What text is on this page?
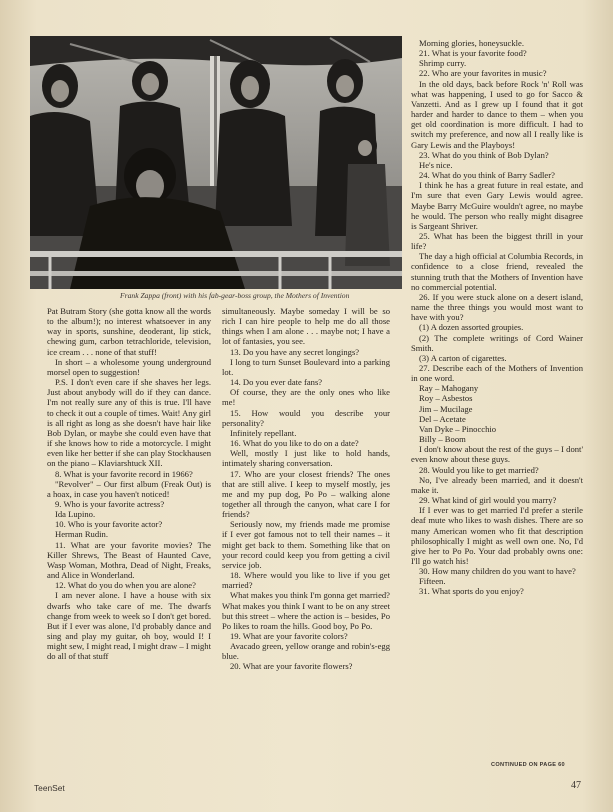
Frank Zappa (front) with his fab-gear-boss group, the Mothers of Invention

Pat Butram Story (she gotta know all the words to the album!); no interest whatsoever in any way in sports, sunshine, deoderant, lip stick, chewing gum, carbon tetrachloride, television, ice cream . . . none of that stuff!

In short – a wholesome young underground morsel open to suggestion!

P.S. I don't even care if she shaves her legs. Just about anybody will do if they can dance. I'm not really sure any of this is true. I'll have to check it out a couple of times. Wait! Any girl is all right as long as she doesn't have hair like Bob Dylan, or maybe she could even have that if she knows how to ride a motorcycle. I might even like her better if she can play Stockhausen on the piano – Klaviarshtuck XII.

8. What is your favorite record in 1966?

"Revolver" – Our first album (Freak Out) is a hoax, in case you haven't noticed!

9. Who is your favorite actress?

Ida Lupino.

10. Who is your favorite actor?

Herman Rudin.

11. What are your favorite movies? The Killer Shrews, The Beast of Haunted Cave, Wasp Woman, Mothra, Dead of Night, Freaks, and Alice in Wonderland.

12. What do you do when you are alone?

I am never alone. I have a house with six dwarfs who take care of me. The dwarfs change from week to week so I don't get bored. But if I ever was alone, I'd probably dance and sing and play my guitar, oh boy, would I! I might sew, I might read, I might draw – I might do all of that stuff

simultaneously. Maybe someday I will be so rich I can hire people to help me do all those things when I am alone . . . maybe not; I have a lot of fantasies, you see.

13. Do you have any secret longings?

I long to turn Sunset Boulevard into a parking lot.

14. Do you ever date fans?

Of course, they are the only ones who like me!

15. How would you describe your personality?

Infinitely repellant.

16. What do you like to do on a date?

Well, mostly I just like to hold hands, intimately sharing conversation.

17. Who are your closest friends? The ones that are still alive. I keep to myself mostly, jes me and my pup dog, Po Po – walking alone together all through the canyon, what care I for friends?

Seriously now, my friends made me promise if I ever got famous not to tell their names – it might get back to them. Something like that on your record could keep you from getting a civil service job.

18. Where would you like to live if you get married?

What makes you think I'm gonna get married? What makes you think I want to be on any street but this street – where the action is – besides, Po Po likes to roam the hills. Good boy, Po Po.

19. What are your favorite colors?

Avacado green, yellow orange and robin's-egg blue.

20. What are your favorite flowers?

Morning glories, honeysuckle.

21. What is your favorite food?

Shrimp curry.

22. Who are your favorites in music?

In the old days, back before Rock 'n' Roll was what was happening, I used to go for Sacco & Vanzetti. And as I grew up I found that it got harder and harder to dance to them – when you get old coordination is more difficult. I had to switch my preference, and now all I really like is Gary Lewis and the Playboys!

23. What do you think of Bob Dylan?

He's nice.

24. What do you think of Barry Sadler?

I think he has a great future in real estate, and I'm sure that even Gary Lewis would agree. Maybe Barry McGuire wouldn't agree, no maybe he would. The person who really might disagree is Sargeant Shriver.

25. What has been the biggest thrill in your life?

The day a high official at Columbia Records, in confidence to a close friend, revealed the stunning truth that the Mothers of Invention have no commercial potential.

26. If you were stuck alone on a desert island, name the three things you would most want to have with you?

(1) A dozen assorted groupies.

(2) The complete writings of Cord Wainer Smith.

(3) A carton of cigarettes.

27. Describe each of the Mothers of Invention in one word.

Ray – Mahogany

Roy – Asbestos

Jim – Mucilage

Del – Acetate

Van Dyke – Pinocchio

Billy – Boom

I don't know about the rest of the guys – I dont' even know about these guys.

28. Would you like to get married?

No, I've already been married, and it doesn't make it.

29. What kind of girl would you marry?

If I ever was to get married I'd prefer a sterile deaf mute who likes to wash dishes. There are so many American women who fit that description philosophically I might as well own one. No, I'd give her to Po Po. Your dad probably owns one: I'll go watch his!

30. How many children do you want to have?

Fifteen.

31. What sports do you enjoy?

CONTINUED ON PAGE 60
TeenSet	47
